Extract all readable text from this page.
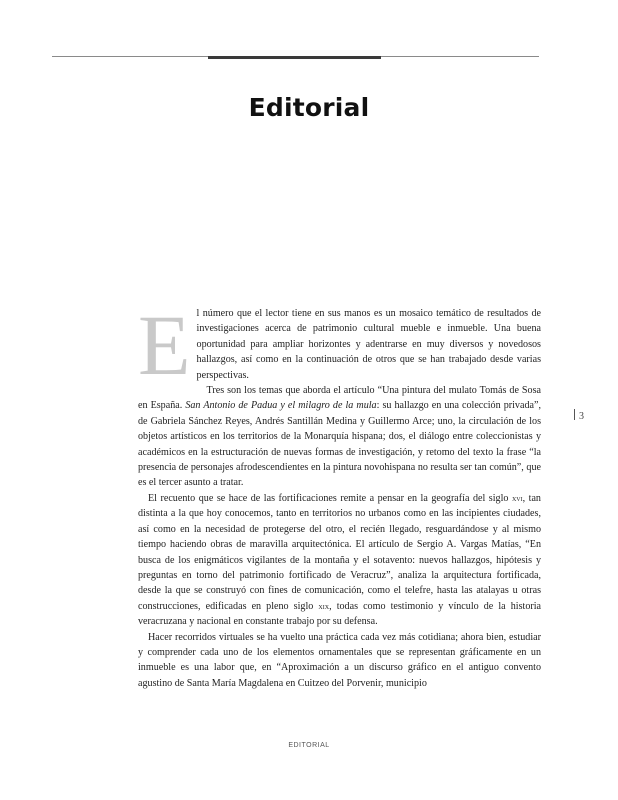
Editorial

El número que el lector tiene en sus manos es un mosaico temático de resultados de investigaciones acerca de patrimonio cultural mueble e inmueble. Una buena oportunidad para ampliar horizontes y adentrarse en muy diversos y novedosos hallazgos, así como en la continuación de otros que se han trabajado desde varias perspectivas.

Tres son los temas que aborda el artículo “Una pintura del mulato Tomás de Sosa en España. San Antonio de Padua y el milagro de la mula: su hallazgo en una colección privada”, de Gabriela Sánchez Reyes, Andrés Santillán Medina y Guillermo Arce; uno, la circulación de los objetos artísticos en los territorios de la Monarquía hispana; dos, el diálogo entre coleccionistas y académicos en la estructuración de nuevas formas de investigación, y retomo del texto la frase “la presencia de personajes afrodescendientes en la pintura novohispana no resulta ser tan común”, que es el tercer asunto a tratar.

El recuento que se hace de las fortificaciones remite a pensar en la geografía del siglo xvi, tan distinta a la que hoy conocemos, tanto en territorios no urbanos como en las incipientes ciudades, así como en la necesidad de protegerse del otro, el recién llegado, resguardándose y al mismo tiempo haciendo obras de maravilla arquitectónica. El artículo de Sergio A. Vargas Matías, “En busca de los enigmáticos vigilantes de la montaña y el sotavento: nuevos hallazgos, hipótesis y preguntas en torno del patrimonio fortificado de Veracruz”, analiza la arquitectura fortificada, desde la que se construyó con fines de comunicación, como el telefre, hasta las atalayas u otras construcciones, edificadas en pleno siglo xix, todas como testimonio y vínculo de la historia veracruzana y nacional en constante trabajo por su defensa.

Hacer recorridos virtuales se ha vuelto una práctica cada vez más cotidiana; ahora bien, estudiar y comprender cada uno de los elementos ornamentales que se representan gráficamente en un inmueble es una labor que, en “Aproximación a un discurso gráfico en el antiguo convento agustino de Santa María Magdalena en Cuitzeo del Porvenir, municipio

3
EDITORIAL
